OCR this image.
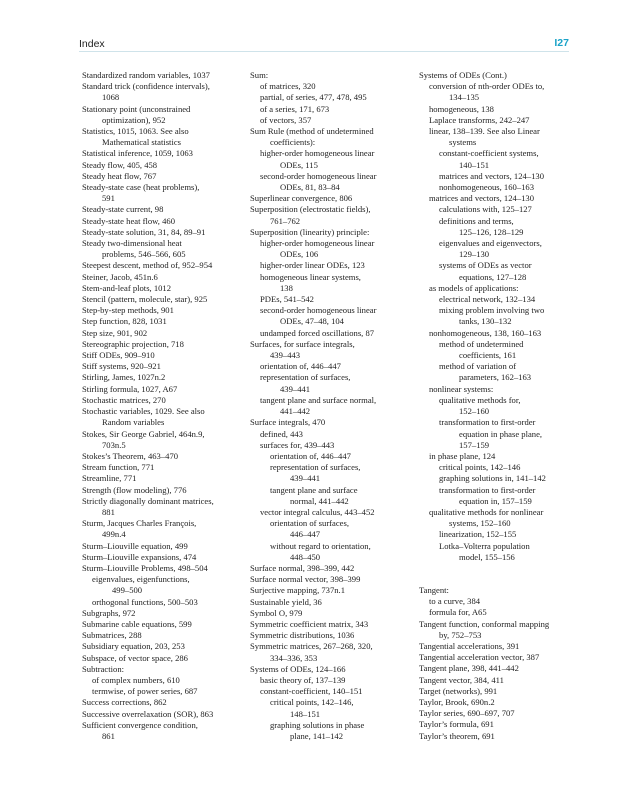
Index	I27
Standardized random variables, 1037
Standard trick (confidence intervals),
1068
Stationary point (unconstrained
optimization), 952
Statistics, 1015, 1063. See also
Mathematical statistics
Statistical inference, 1059, 1063
Steady flow, 405, 458
Steady heat flow, 767
Steady-state case (heat problems),
591
Steady-state current, 98
Steady-state heat flow, 460
Steady-state solution, 31, 84, 89–91
Steady two-dimensional heat
problems, 546–566, 605
Steepest descent, method of, 952–954
Steiner, Jacob, 451n.6
Stem-and-leaf plots, 1012
Stencil (pattern, molecule, star), 925
Step-by-step methods, 901
Step function, 828, 1031
Step size, 901, 902
Stereographic projection, 718
Stiff ODEs, 909–910
Stiff systems, 920–921
Stirling, James, 1027n.2
Stirling formula, 1027, A67
Stochastic matrices, 270
Stochastic variables, 1029. See also
Random variables
Stokes, Sir George Gabriel, 464n.9,
703n.5
Stokes’s Theorem, 463–470
Stream function, 771
Streamline, 771
Strength (flow modeling), 776
Strictly diagonally dominant matrices,
881
Sturm, Jacques Charles François,
499n.4
Sturm–Liouville equation, 499
Sturm–Liouville expansions, 474
Sturm–Liouville Problems, 498–504
eigenvalues, eigenfunctions,
499–500
orthogonal functions, 500–503
Subgraphs, 972
Submarine cable equations, 599
Submatrices, 288
Subsidiary equation, 203, 253
Subspace, of vector space, 286
Subtraction:
of complex numbers, 610
termwise, of power series, 687
Success corrections, 862
Successive overrelaxation (SOR), 863
Sufficient convergence condition,
861
Sum:
of matrices, 320
partial, of series, 477, 478, 495
of a series, 171, 673
of vectors, 357
Sum Rule (method of undetermined
coefficients):
higher-order homogeneous linear
ODEs, 115
second-order homogeneous linear
ODEs, 81, 83–84
Superlinear convergence, 806
Superposition (electrostatic fields),
761–762
Superposition (linearity) principle:
higher-order homogeneous linear
ODEs, 106
higher-order linear ODEs, 123
homogeneous linear systems,
138
PDEs, 541–542
second-order homogeneous linear
ODEs, 47–48, 104
undamped forced oscillations, 87
Surfaces, for surface integrals,
439–443
orientation of, 446–447
representation of surfaces,
439–441
tangent plane and surface normal,
441–442
Surface integrals, 470
defined, 443
surfaces for, 439–443
orientation of, 446–447
representation of surfaces,
439–441
tangent plane and surface
normal, 441–442
vector integral calculus, 443–452
orientation of surfaces,
446–447
without regard to orientation,
448–450
Surface normal, 398–399, 442
Surface normal vector, 398–399
Surjective mapping, 737n.1
Sustainable yield, 36
Symbol O, 979
Symmetric coefficient matrix, 343
Symmetric distributions, 1036
Symmetric matrices, 267–268, 320,
334–336, 353
Systems of ODEs, 124–166
basic theory of, 137–139
constant-coefficient, 140–151
critical points, 142–146,
148–151
graphing solutions in phase
plane, 141–142
Systems of ODEs (Cont.)
conversion of nth-order ODEs to,
134–135
homogeneous, 138
Laplace transforms, 242–247
linear, 138–139. See also Linear
systems
constant-coefficient systems,
140–151
matrices and vectors, 124–130
nonhomogeneous, 160–163
matrices and vectors, 124–130
calculations with, 125–127
definitions and terms,
125–126, 128–129
eigenvalues and eigenvectors,
129–130
systems of ODEs as vector
equations, 127–128
as models of applications:
electrical network, 132–134
mixing problem involving two
tanks, 130–132
nonhomogeneous, 138, 160–163
method of undetermined
coefficients, 161
method of variation of
parameters, 162–163
nonlinear systems:
qualitative methods for,
152–160
transformation to first-order
equation in phase plane,
157–159
in phase plane, 124
critical points, 142–146
graphing solutions in, 141–142
transformation to first-order
equation in, 157–159
qualitative methods for nonlinear
systems, 152–160
linearization, 152–155
Lotka–Volterra population
model, 155–156
Tangent:
to a curve, 384
formula for, A65
Tangent function, conformal mapping
by, 752–753
Tangential accelerations, 391
Tangential acceleration vector, 387
Tangent plane, 398, 441–442
Tangent vector, 384, 411
Target (networks), 991
Taylor, Brook, 690n.2
Taylor series, 690–697, 707
Taylor’s formula, 691
Taylor’s theorem, 691
